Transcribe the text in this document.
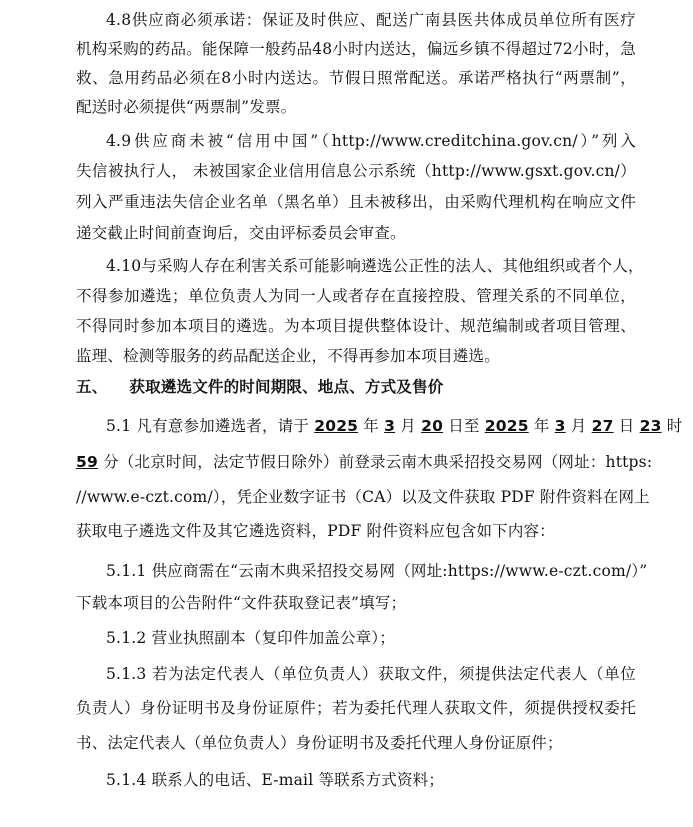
4.8供应商必须承诺：保证及时供应、配送广南县医共体成员单位所有医疗
机构采购的药品。能保障一般药品48小时内送达，偏远乡镇不得超过72小时，急
救、急用药品必须在8小时内送达。节假日照常配送。承诺严格执行“两票制”，
配送时必须提供“两票制”发票。
4.9供应商未被“信用中国”（http://www.creditchina.gov.cn/）”列入
失信被执行人， 未被国家企业信用信息公示系统（http://www.gsxt.gov.cn/）
列入严重违法失信企业名单（黑名单）且未被移出，由采购代理机构在响应文件
递交截止时间前查询后，交由评标委员会审查。
4.10与采购人存在利害关系可能影响遴选公正性的法人、其他组织或者个人，
不得参加遴选；单位负责人为同一人或者存在直接控股、管理关系的不同单位，
不得同时参加本项目的遴选。为本项目提供整体设计、规范编制或者项目管理、
监理、检测等服务的药品配送企业，不得再参加本项目遴选。
五、 获取遴选文件的时间期限、地点、方式及售价
5.1 凡有意参加遴选者，请于 2025 年 3 月 20 日至 2025 年 3 月 27 日 23 时
59 分（北京时间，法定节假日除外）前登录云南木典采招投交易网（网址：https:
//www.e-czt.com/），凭企业数字证书（CA）以及文件获取 PDF 附件资料在网上
获取电子遴选文件及其它遴选资料，PDF 附件资料应包含如下内容：
5.1.1 供应商需在“云南木典采招投交易网（网址:https://www.e-czt.com/）”
下载本项目的公告附件“文件获取登记表”填写；
5.1.2 营业执照副本（复印件加盖公章）；
5.1.3 若为法定代表人（单位负责人）获取文件，须提供法定代表人（单位
负责人）身份证明书及身份证原件；若为委托代理人获取文件，须提供授权委托
书、法定代表人（单位负责人）身份证明书及委托代理人身份证原件；
5.1.4 联系人的电话、E-mail 等联系方式资料；
